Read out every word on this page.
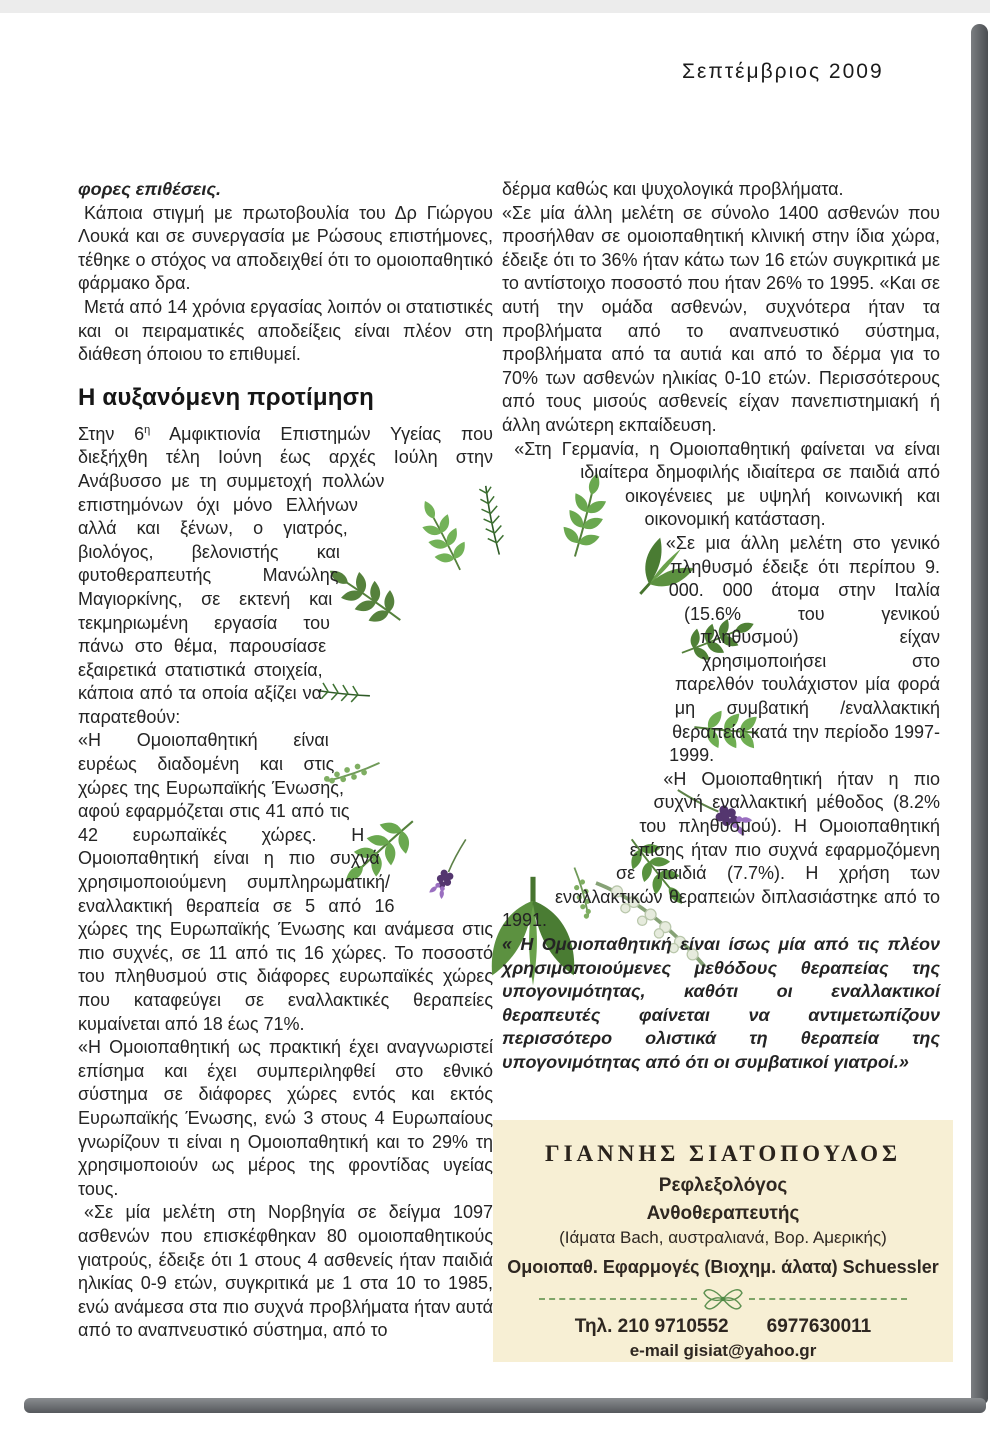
Σεπτέμβριος 2009

φορες επιθέσεις.

Κάποια στιγμή με πρωτοβουλία του Δρ Γιώργου Λουκά και σε συνεργασία με Ρώσους επιστήμονες, τέθηκε ο στόχος να αποδειχθεί ότι το ομοιοπαθητικό φάρμακο δρα.

Μετά από 14 χρόνια εργασίας λοιπόν οι στατιστικές και οι πειραματικές αποδείξεις είναι πλέον στη διάθεση όποιου το επιθυμεί.

Η αυξανόμενη προτίμηση

Στην $6^\eta$ Αμφικτιονία Επιστημών Υγείας που διεξήχθη τέλη Ιούνη έως αρχές Ιούλη στην Ανάβυσσο με τη συμμετοχή πολλών επιστημόνων όχι μόνο Ελλήνων αλλά και ξένων, ο γιατρός, βιολόγος, βελονιστής και φυτοθεραπευτής Μανώλης Μαγιορκίνης, σε εκτενή και τεκμηριωμένη εργασία του πάνω στο θέμα, παρουσίασε εξαιρετικά στατιστικά στοιχεία, κάποια από τα οποία αξίζει να παρατεθούν:

«Η Ομοιοπαθητική είναι ευρέως διαδομένη και στις χώρες της Ευρωπαϊκής Ένωσης, αφού εφαρμόζεται στις 41 από τις 42 ευρωπαϊκές χώρες. Η Ομοιοπαθητική είναι η πιο συχνά χρησιμοποιούμενη συμπληρωματική/εναλλακτική θεραπεία σε 5 από 16 χώρες της Ευρωπαϊκής Ένωσης και ανάμεσα στις πιο συχνές, σε 11 από τις 16 χώρες. Το ποσοστό του πληθυσμού στις διάφορες ευρωπαϊκές χώρες που καταφεύγει σε εναλλακτικές θεραπείες κυμαίνεται από 18 έως 71%.

«Η Ομοιοπαθητική ως πρακτική έχει αναγνωριστεί επίσημα και έχει συμπεριληφθεί στο εθνικό σύστημα σε διάφορες χώρες εντός και εκτός Ευρωπαϊκής Ένωσης, ενώ 3 στους 4 Ευρωπαίους γνωρίζουν τι είναι η Ομοιοπαθητική και το 29% τη χρησιμοποιούν ως μέρος της φροντίδας υγείας τους.

«Σε μία μελέτη στη Νορβηγία σε δείγμα 1097 ασθενών που επισκέφθηκαν 80 ομοιοπαθητικούς γιατρούς, έδειξε ότι 1 στους 4 ασθενείς ήταν παιδιά ηλικίας 0-9 ετών, συγκριτικά με 1 στα 10 το 1985, ενώ ανάμεσα στα πιο συχνά προβλήματα ήταν αυτά από το αναπνευστικό σύστημα, από το

δέρμα καθώς και ψυχολογικά προβλήματα.

«Σε μία άλλη μελέτη σε σύνολο 1400 ασθενών που προσήλθαν σε ομοιοπαθητική κλινική στην ίδια χώρα, έδειξε ότι το 36% ήταν κάτω των 16 ετών συγκριτικά με το αντίστοιχο ποσοστό που ήταν 26% το 1995. «Και σε αυτή την ομάδα ασθενών, συχνότερα ήταν τα προβλήματα από το αναπνευστικό σύστημα, προβλήματα από τα αυτιά και από το δέρμα για το 70% των ασθενών ηλικίας 0-10 ετών. Περισσότερους από τους μισούς ασθενείς είχαν πανεπιστημιακή ή άλλη ανώτερη εκπαίδευση.

«Στη Γερμανία, η Ομοιοπαθητική φαίνεται να είναι ιδιαίτερα δημοφιλής ιδιαίτερα σε παιδιά από οικογένειες με υψηλή κοινωνική και οικονομική κατάσταση.

«Σε μια άλλη μελέτη στο γενικό πληθυσμό έδειξε ότι περίπου 9. 000. 000 άτομα στην Ιταλία (15.6% του γενικού πληθυσμού) είχαν χρησιμοποιήσει στο παρελθόν τουλάχιστον μία φορά μη συμβατική /εναλλακτική θεραπεία κατά την περίοδο 1997-1999.

«Η Ομοιοπαθητική ήταν η πιο συχνή εναλλακτική μέθοδος (8.2% του πληθυσμού). Η Ομοιοπαθητική επίσης ήταν πιο συχνά εφαρμοζόμενη σε παιδιά (7.7%). Η χρήση των εναλλακτικών θεραπειών διπλασιάστηκε από το 1991.

« Η Ομοιοπαθητική είναι ίσως μία από τις πλέον χρησιμοποιούμενες μεθόδους θεραπείας της υπογονιμότητας, καθότι οι εναλλακτικοί θεραπευτές φαίνεται να αντιμετωπίζουν περισσότερο ολιστικά τη θεραπεία της υπογονιμότητας από ότι οι συμβατικοί γιατροί.»

ΓΙΑΝΝΗΣ ΣΙΑΤΟΠΟΥΛΟΣ
Ρεφλεξολόγος
Ανθοθεραπευτής
(Ιάματα Bach, αυστραλιανά, Βορ. Αμερικής)
Ομοιοπαθ. Εφαρμογές (Βιοχημ. άλατα) Schuessler
Τηλ. 210 9710552 6977630011
e-mail gisiat@yahoo.gr
